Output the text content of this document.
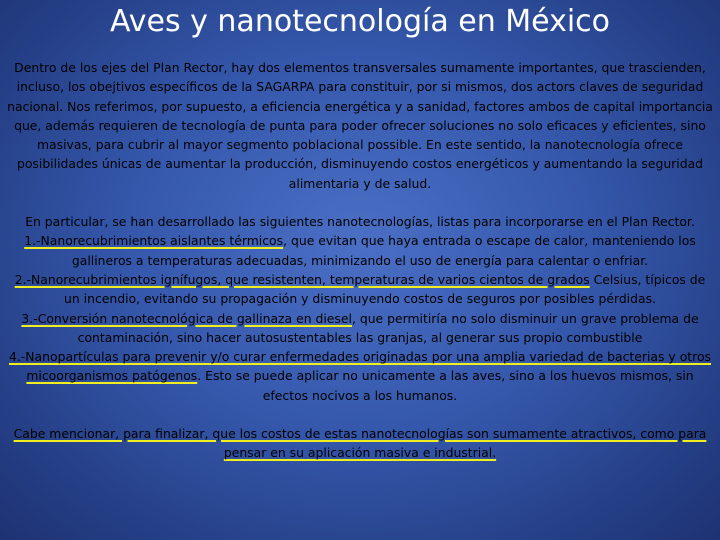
Aves y nanotecnología en México

Dentro de los ejes del Plan Rector, hay dos elementos transversales sumamente importantes, que trascienden, incluso, los obejtivos específicos de la SAGARPA para constituir, por si mismos, dos actors claves de seguridad nacional. Nos referimos, por supuesto, a eficiencia energética y a sanidad, factores ambos de capital importancia que, además requieren de tecnología de punta para poder ofrecer soluciones no solo eficaces y eficientes, sino masivas, para cubrir al mayor segmento poblacional possible. En este sentido, la nanotecnología ofrece posibilidades únicas de aumentar la producción, disminuyendo costos energéticos y aumentando la seguridad alimentaria y de salud.

En particular, se han desarrollado las siguientes nanotecnologías, listas para incorporarse en el Plan Rector.

1.-Nanorecubrimientos aislantes térmicos, que evitan que haya entrada o escape de calor, manteniendo los gallineros a temperaturas adecuadas, minimizando el uso de energía para calentar o enfriar.

2.-Nanorecubrimientos ignífugos, que resistenten, temperaturas de varios cientos de grados Celsius, típicos de un incendio, evitando su propagación y disminuyendo costos de seguros por posibles pérdidas.

3.-Conversión nanotecnológica de gallinaza en diesel, que permitiría no solo disminuir un grave problema de contaminación, sino hacer autosustentables las granjas, al generar sus propio combustible

4.-Nanopartículas para prevenir y/o curar enfermedades originadas por una amplia variedad de bacterias y otros micoorganismos patógenos. Esto se puede aplicar no unicamente a las aves, sino a los huevos mismos, sin efectos nocivos a los humanos.

Cabe mencionar, para finalizar, que los costos de estas nanotecnologías son sumamente atractivos, como para pensar en su aplicación masiva e industrial.
